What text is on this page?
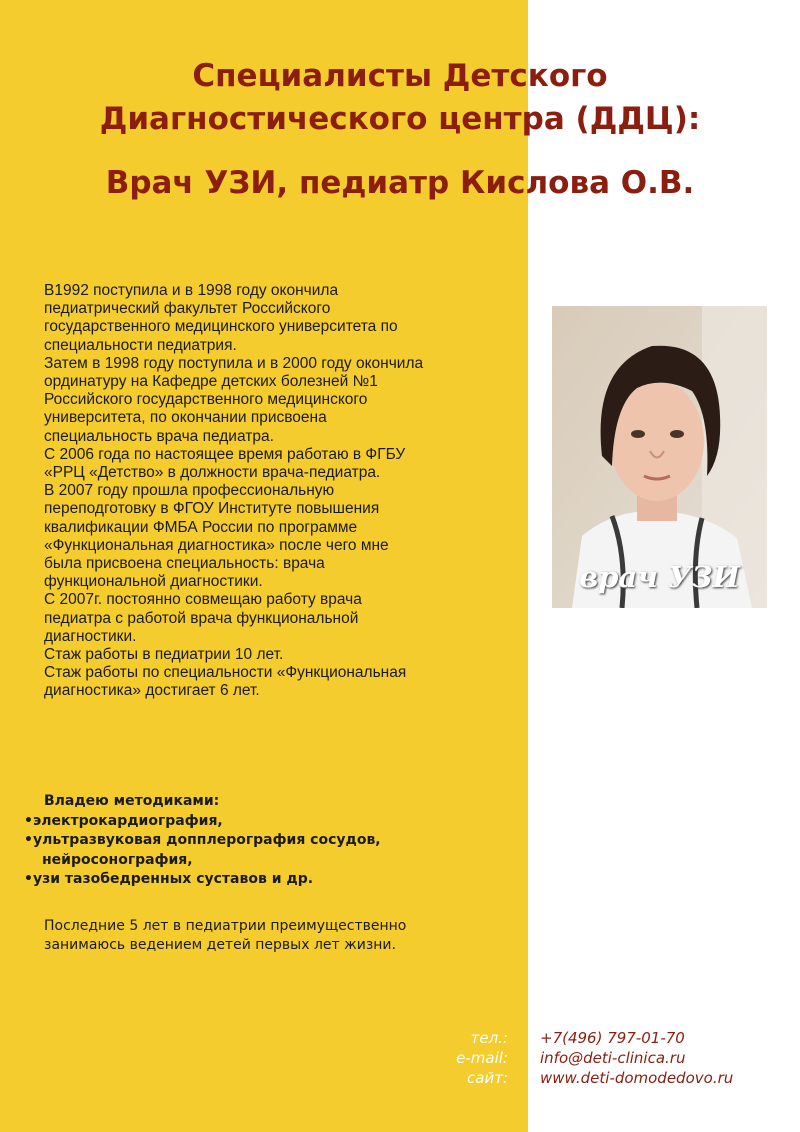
Специалисты Детского
Диагностического центра (ДДЦ):
Врач УЗИ, педиатр Кислова О.В.
В1992 поступила и в 1998 году окончила
педиатрический факультет Российского
государственного медицинского университета по
специальности педиатрия.
Затем в 1998 году поступила и в 2000 году окончила
ординатуру на Кафедре детских болезней №1
Российского государственного медицинского
университета, по окончании присвоена
специальность врача педиатра.
С 2006 года по настоящее время работаю в ФГБУ
«РРЦ «Детство» в должности врача-педиатра.
В 2007 году прошла профессиональную
переподготовку в ФГОУ Институте повышения
квалификации ФМБА России по программе
«Функциональная диагностика» после чего мне
была присвоена специальность: врача
функциональной диагностики.
С 2007г. постоянно совмещаю работу врача
педиатра с работой врача функциональной
диагностики.
Стаж работы в педиатрии 10 лет.
Стаж работы по специальности «Функциональная
диагностика» достигает 6 лет.
Владею методиками:
•электрокардиография,
•ультразвуковая допплерография сосудов,
нейросонография,
•узи тазобедренных суставов и др.
Последние 5 лет в педиатрии преимущественно
занимаюсь ведением детей первых лет жизни.
врач УЗИ
тел.:
e-mail:
сайт:
+7(496) 797-01-70
info@deti-clinica.ru
www.deti-domodedovo.ru
